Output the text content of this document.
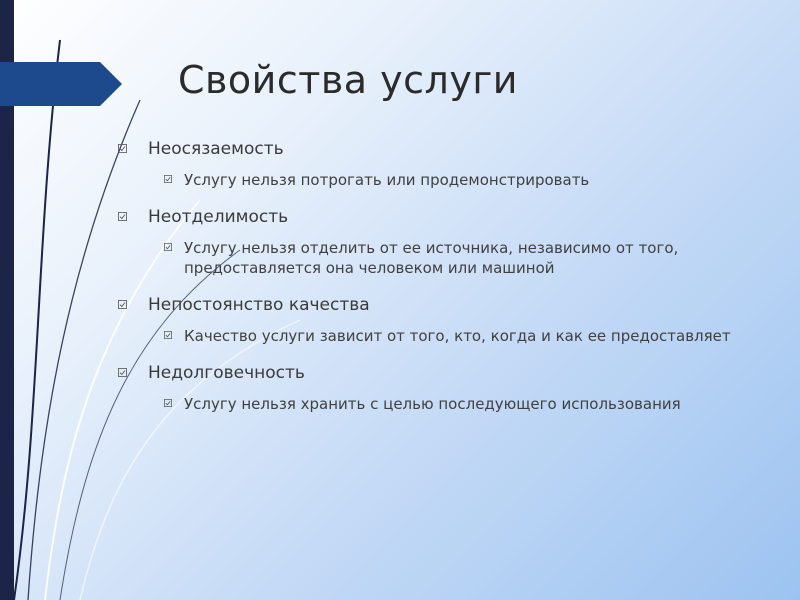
Свойства услуги
Неосязаемость
Услугу нельзя потрогать или продемонстрировать
Неотделимость
Услугу нельзя отделить от ее источника, независимо от того, предоставляется она человеком или машиной
Непостоянство качества
Качество услуги зависит от того, кто, когда и как ее предоставляет
Недолговечность
Услугу нельзя хранить с целью последующего использования
